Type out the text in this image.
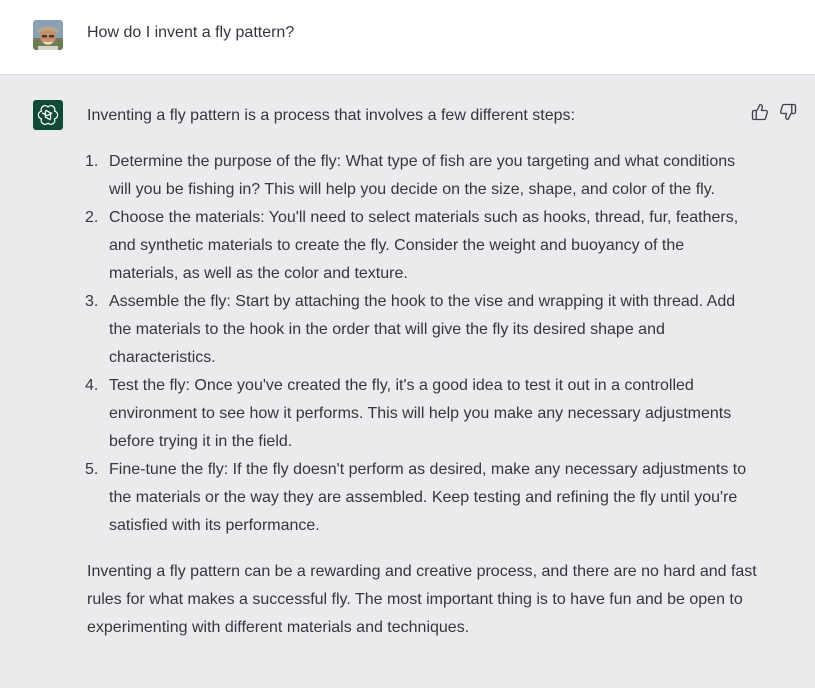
How do I invent a fly pattern?

Inventing a fly pattern is a process that involves a few different steps:

1. Determine the purpose of the fly: What type of fish are you targeting and what conditions will you be fishing in? This will help you decide on the size, shape, and color of the fly.
2. Choose the materials: You'll need to select materials such as hooks, thread, fur, feathers, and synthetic materials to create the fly. Consider the weight and buoyancy of the materials, as well as the color and texture.
3. Assemble the fly: Start by attaching the hook to the vise and wrapping it with thread. Add the materials to the hook in the order that will give the fly its desired shape and characteristics.
4. Test the fly: Once you've created the fly, it's a good idea to test it out in a controlled environment to see how it performs. This will help you make any necessary adjustments before trying it in the field.
5. Fine-tune the fly: If the fly doesn't perform as desired, make any necessary adjustments to the materials or the way they are assembled. Keep testing and refining the fly until you're satisfied with its performance.

Inventing a fly pattern can be a rewarding and creative process, and there are no hard and fast rules for what makes a successful fly. The most important thing is to have fun and be open to experimenting with different materials and techniques.
